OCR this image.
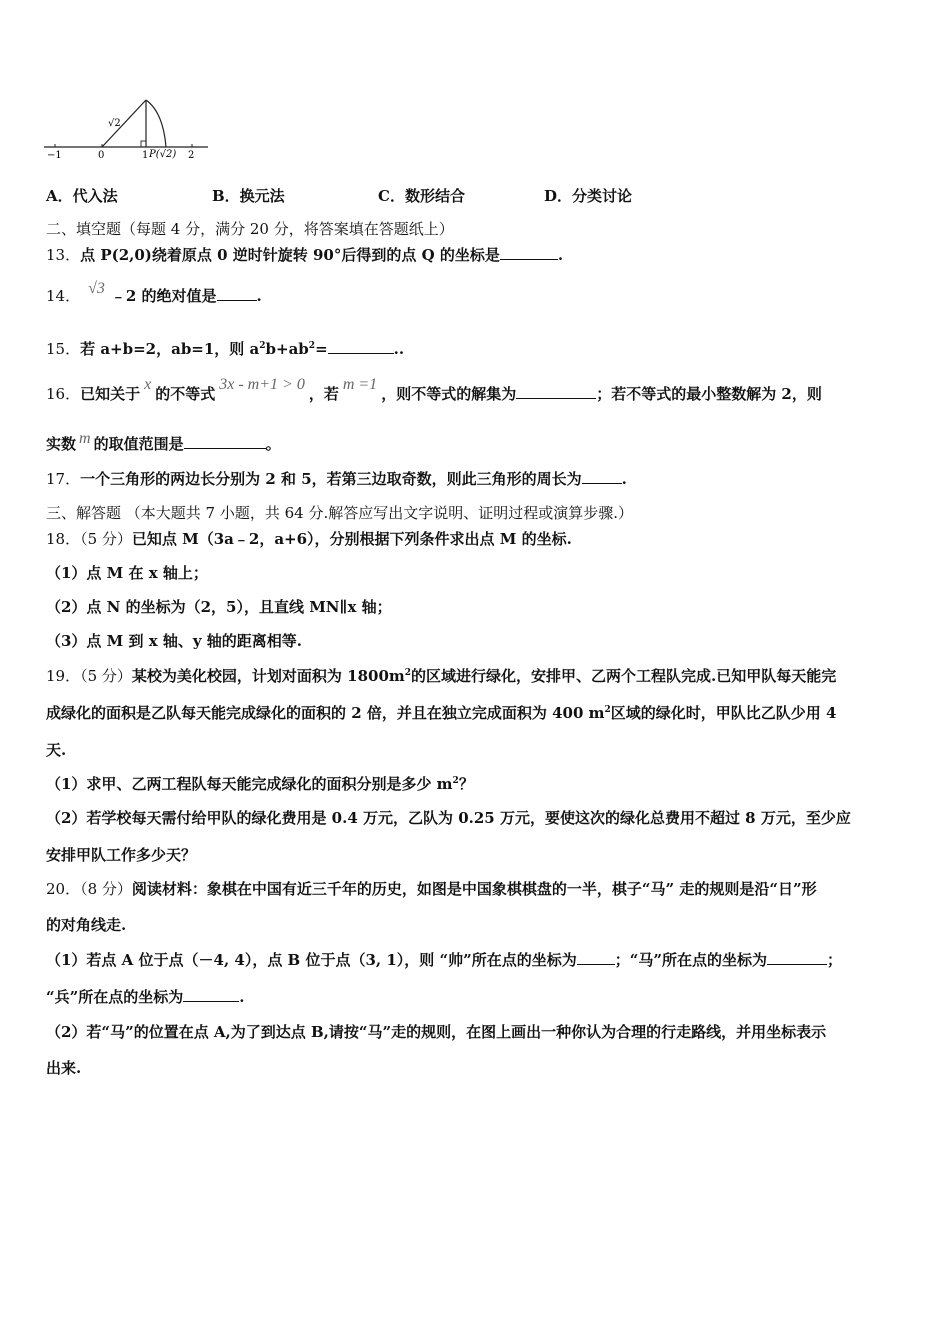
−1	0	1 P(√2) 2
√2
A．代入法	B．换元法	C．数形结合	D．分类讨论
二、填空题（每题 4 分，满分 20 分，将答案填在答题纸上）
13．点 P(2,0)绕着原点 0 逆时针旋转 90°后得到的点 Q 的坐标是	.
14． √3 ﹣2 的绝对值是	.
15．若 a+b=2，ab=1，则 $a^2b+ab^2=$	..
16．已知关于x的不等式3x - m+1 > 0，若m =1，则不等式的解集为	；若不等式的最小整数解为 2，则
实数 m 的取值范围是	。
17．一个三角形的两边长分别为 2 和 5，若第三边取奇数，则此三角形的周长为	.
三、解答题 （本大题共 7 小题，共 64 分.解答应写出文字说明、证明过程或演算步骤.）
18．（5 分）已知点 M（3a﹣2，a+6），分别根据下列条件求出点 M 的坐标.
（1）点 M 在 x 轴上；
（2）点 N 的坐标为（2，5），且直线 MN∥x 轴；
（3）点 M 到 x 轴、y 轴的距离相等.
19．（5 分）某校为美化校园，计划对面积为 $1800m^2$的区域进行绿化，安排甲、乙两个工程队完成.已知甲队每天能完
成绿化的面积是乙队每天能完成绿化的面积的 2 倍，并且在独立完成面积为 400 $m^2$区域的绿化时，甲队比乙队少用 4
天.
（1）求甲、乙两工程队每天能完成绿化的面积分别是多少 $m^2$？
（2）若学校每天需付给甲队的绿化费用是 0.4 万元，乙队为 0.25 万元，要使这次的绿化总费用不超过 8 万元，至少应
安排甲队工作多少天？
20．（8 分）阅读材料：象棋在中国有近三千年的历史，如图是中国象棋棋盘的一半，棋子“马” 走的规则是沿“日”形
的对角线走.
（1）若点 A 位于点（－4, 4），点 B 位于点（3, 1），则 “帅”所在点的坐标为	；“马”所在点的坐标为	；
“兵”所在点的坐标为	.
（2）若“马”的位置在点 A,为了到达点 B,请按“马”走的规则，在图上画出一种你认为合理的行走路线，并用坐标表示
出来.
